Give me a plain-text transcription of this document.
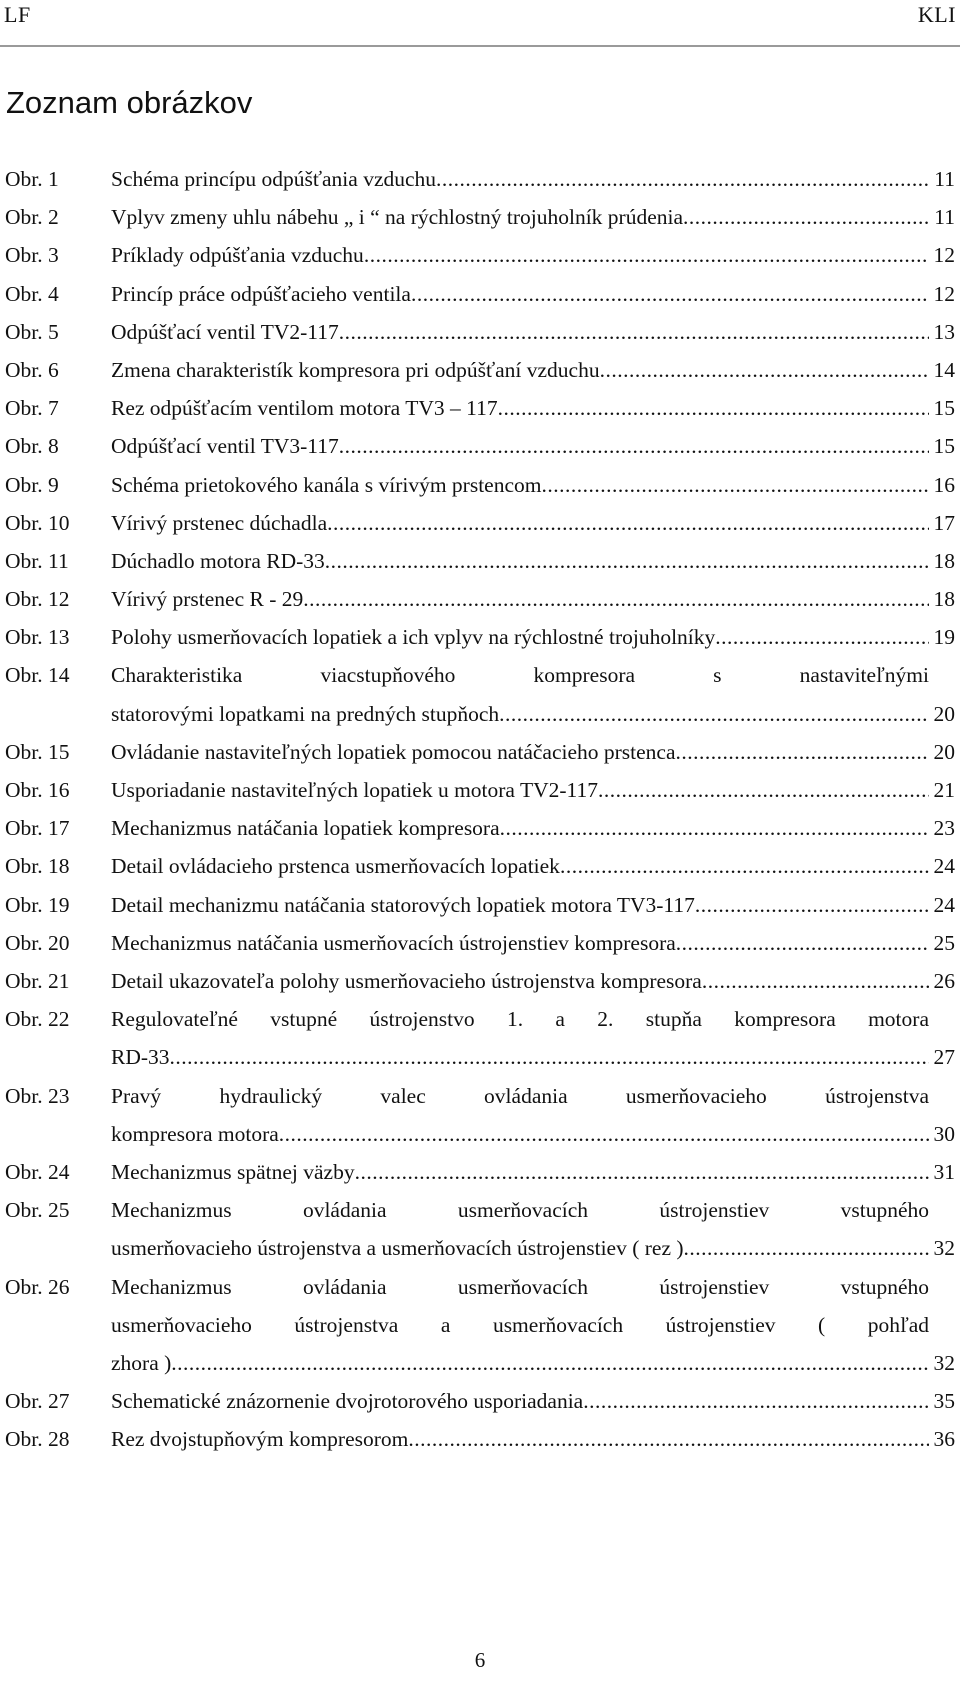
LF	KLI
Zoznam obrázkov
Obr. 1	Schéma princípu odpúšťania vzduchu .....	11
Obr. 2	Vplyv zmeny uhlu nábehu „ i “ na rýchlostný trojuholník prúdenia .....	11
Obr. 3	Príklady odpúšťania vzduchu .....	12
Obr. 4	Princíp práce odpúšťacieho ventila .....	12
Obr. 5	Odpúšťací ventil TV2-117 .....	13
Obr. 6	Zmena charakteristík kompresora pri odpúšťaní vzduchu .....	14
Obr. 7	Rez odpúšťacím ventilom motora TV3 – 117 .....	15
Obr. 8	Odpúšťací ventil TV3-117 .....	15
Obr. 9	Schéma prietokového kanála s vírivým prstencom .....	16
Obr. 10	Vírivý prstenec dúchadla .....	17
Obr. 11	Dúchadlo motora RD-33 .....	18
Obr. 12	Vírivý prstenec R - 29 .....	18
Obr. 13	Polohy usmerňovacích lopatiek a ich vplyv na rýchlostné trojuholníky .....	19
Obr. 14	Charakteristika viacstupňového kompresora s nastaviteľnými
statorovými lopatkami na predných stupňoch .....	20
Obr. 15	Ovládanie nastaviteľných lopatiek pomocou natáčacieho prstenca .....	20
Obr. 16	Usporiadanie nastaviteľných lopatiek u motora TV2-117 .....	21
Obr. 17	Mechanizmus natáčania lopatiek kompresora .....	23
Obr. 18	Detail ovládacieho prstenca usmerňovacích lopatiek .....	24
Obr. 19	Detail mechanizmu natáčania statorových lopatiek motora TV3-117 .....	24
Obr. 20	Mechanizmus natáčania usmerňovacích ústrojenstiev kompresora .....	25
Obr. 21	Detail ukazovateľa polohy usmerňovacieho ústrojenstva kompresora .....	26
Obr. 22	Regulovateľné vstupné ústrojenstvo 1. a 2. stupňa kompresora motora
RD-33 .....	27
Obr. 23	Pravý hydraulický valec ovládania usmerňovacieho ústrojenstva
kompresora motora .....	30
Obr. 24	Mechanizmus spätnej väzby .....	31
Obr. 25	Mechanizmus ovládania usmerňovacích ústrojenstiev vstupného
usmerňovacieho ústrojenstva a usmerňovacích ústrojenstiev ( rez ) .....	32
Obr. 26	Mechanizmus ovládania usmerňovacích ústrojenstiev vstupného
usmerňovacieho ústrojenstva a usmerňovacích ústrojenstiev ( pohľad
zhora ) .....	32
Obr. 27	Schematické znázornenie dvojrotorového usporiadania .....	35
Obr. 28	Rez dvojstupňovým kompresorom .....	36
6
